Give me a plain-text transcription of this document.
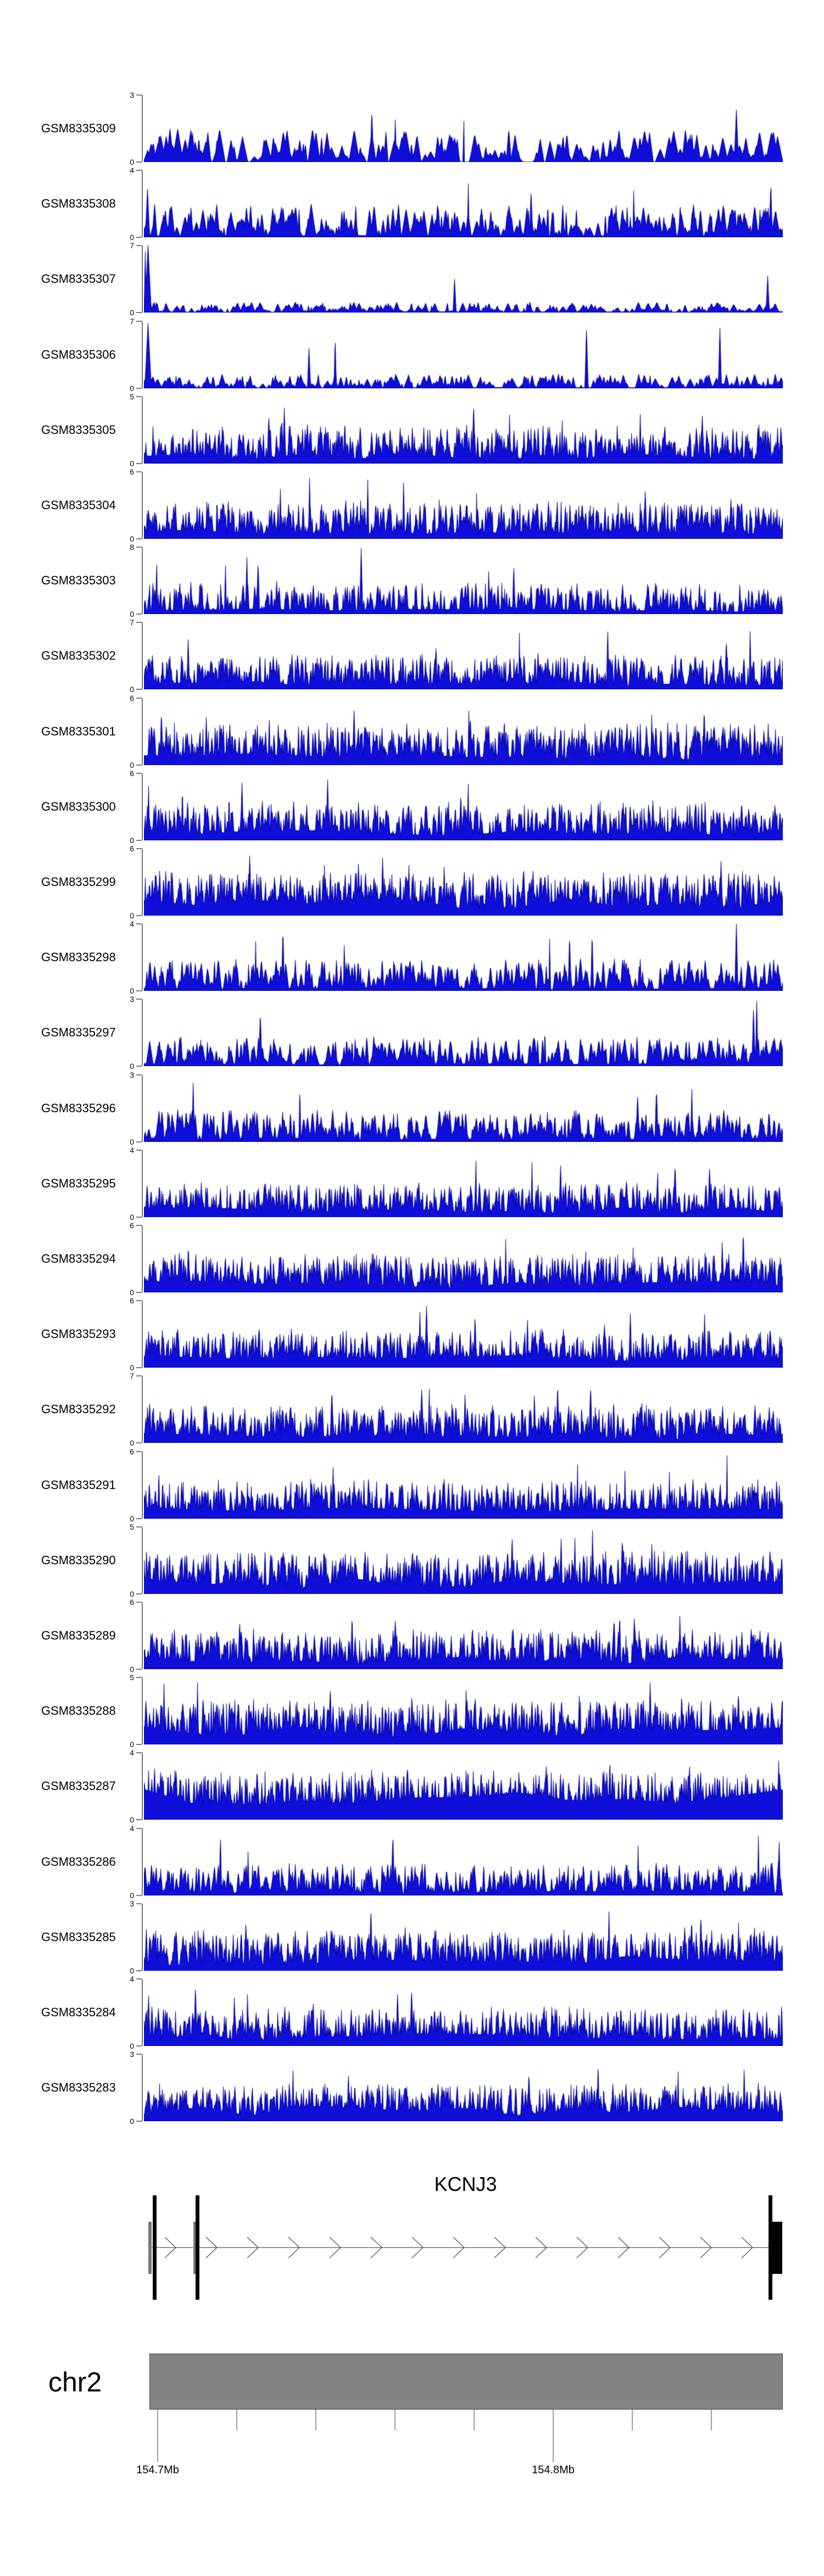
GSM8335309
3
0
GSM8335308
4
0
GSM8335307
7
0
GSM8335306
7
0
GSM8335305
5
0
GSM8335304
6
0
GSM8335303
8
0
GSM8335302
7
0
GSM8335301
6
0
GSM8335300
6
0
GSM8335299
6
0
GSM8335298
4
0
GSM8335297
3
0
GSM8335296
3
0
GSM8335295
4
0
GSM8335294
6
0
GSM8335293
6
0
GSM8335292
7
0
GSM8335291
6
0
GSM8335290
5
0
GSM8335289
6
0
GSM8335288
5
0
GSM8335287
4
0
GSM8335286
4
0
GSM8335285
3
0
GSM8335284
4
0
GSM8335283
3
0
KCNJ3
chr2
154.7Mb	154.8Mb
